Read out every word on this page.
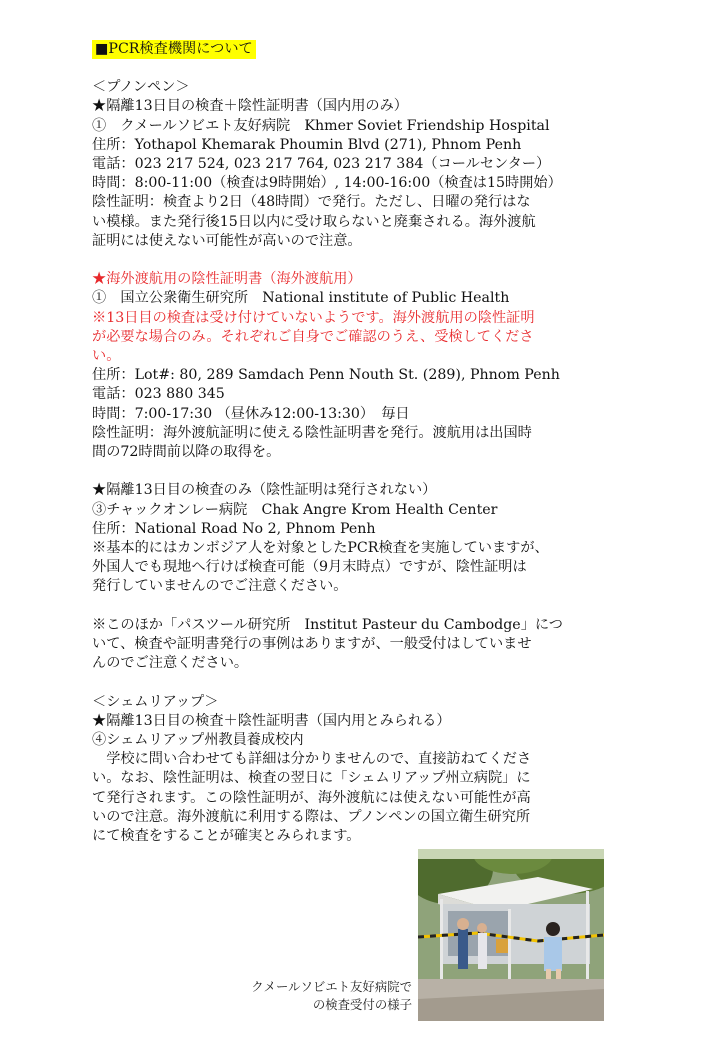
■PCR検査機関について
＜プノンペン＞
★隔離13日目の検査＋陰性証明書（国内用のみ）
①　クメールソビエト友好病院　Khmer Soviet Friendship Hospital
住所：Yothapol Khemarak Phoumin Blvd (271), Phnom Penh
電話：023 217 524, 023 217 764, 023 217 384（コールセンター）
時間：8:00-11:00（検査は9時開始）, 14:00-16:00（検査は15時開始）
陰性証明：検査より2日（48時間）で発行。ただし、日曜の発行はな
い模様。また発行後15日以内に受け取らないと廃棄される。海外渡航
証明には使えない可能性が高いので注意。
★海外渡航用の陰性証明書（海外渡航用）
①　国立公衆衛生研究所　National institute of Public Health
※13日目の検査は受け付けていないようです。海外渡航用の陰性証明
が必要な場合のみ。それぞれご自身でご確認のうえ、受検してくださ
い。
住所：Lot#: 80, 289 Samdach Penn Nouth St. (289), Phnom Penh
電話：023 880 345
時間：7:00-17:30 （昼休み12:00-13:30）　毎日
陰性証明：海外渡航証明に使える陰性証明書を発行。渡航用は出国時
間の72時間前以降の取得を。
★隔離13日目の検査のみ（陰性証明は発行されない）
③チャックオンレー病院　Chak Angre Krom Health Center
住所：National Road No 2, Phnom Penh
※基本的にはカンボジア人を対象としたPCR検査を実施していますが、
外国人でも現地へ行けば検査可能（9月末時点）ですが、陰性証明は
発行していませんのでご注意ください。
※このほか「パスツール研究所　Institut Pasteur du Cambodge」につ
いて、検査や証明書発行の事例はありますが、一般受付はしていませ
んのでご注意ください。
＜シェムリアップ＞
★隔離13日目の検査＋陰性証明書（国内用とみられる）
④シェムリアップ州教員養成校内
学校に問い合わせても詳細は分かりませんので、直接訪ねてくださ
い。なお、陰性証明は、検査の翌日に「シェムリアップ州立病院」に
て発行されます。この陰性証明が、海外渡航には使えない可能性が高
いので注意。海外渡航に利用する際は、プノンペンの国立衛生研究所
にて検査をすることが確実とみられます。
クメールソビエト友好病院で
の検査受付の様子
